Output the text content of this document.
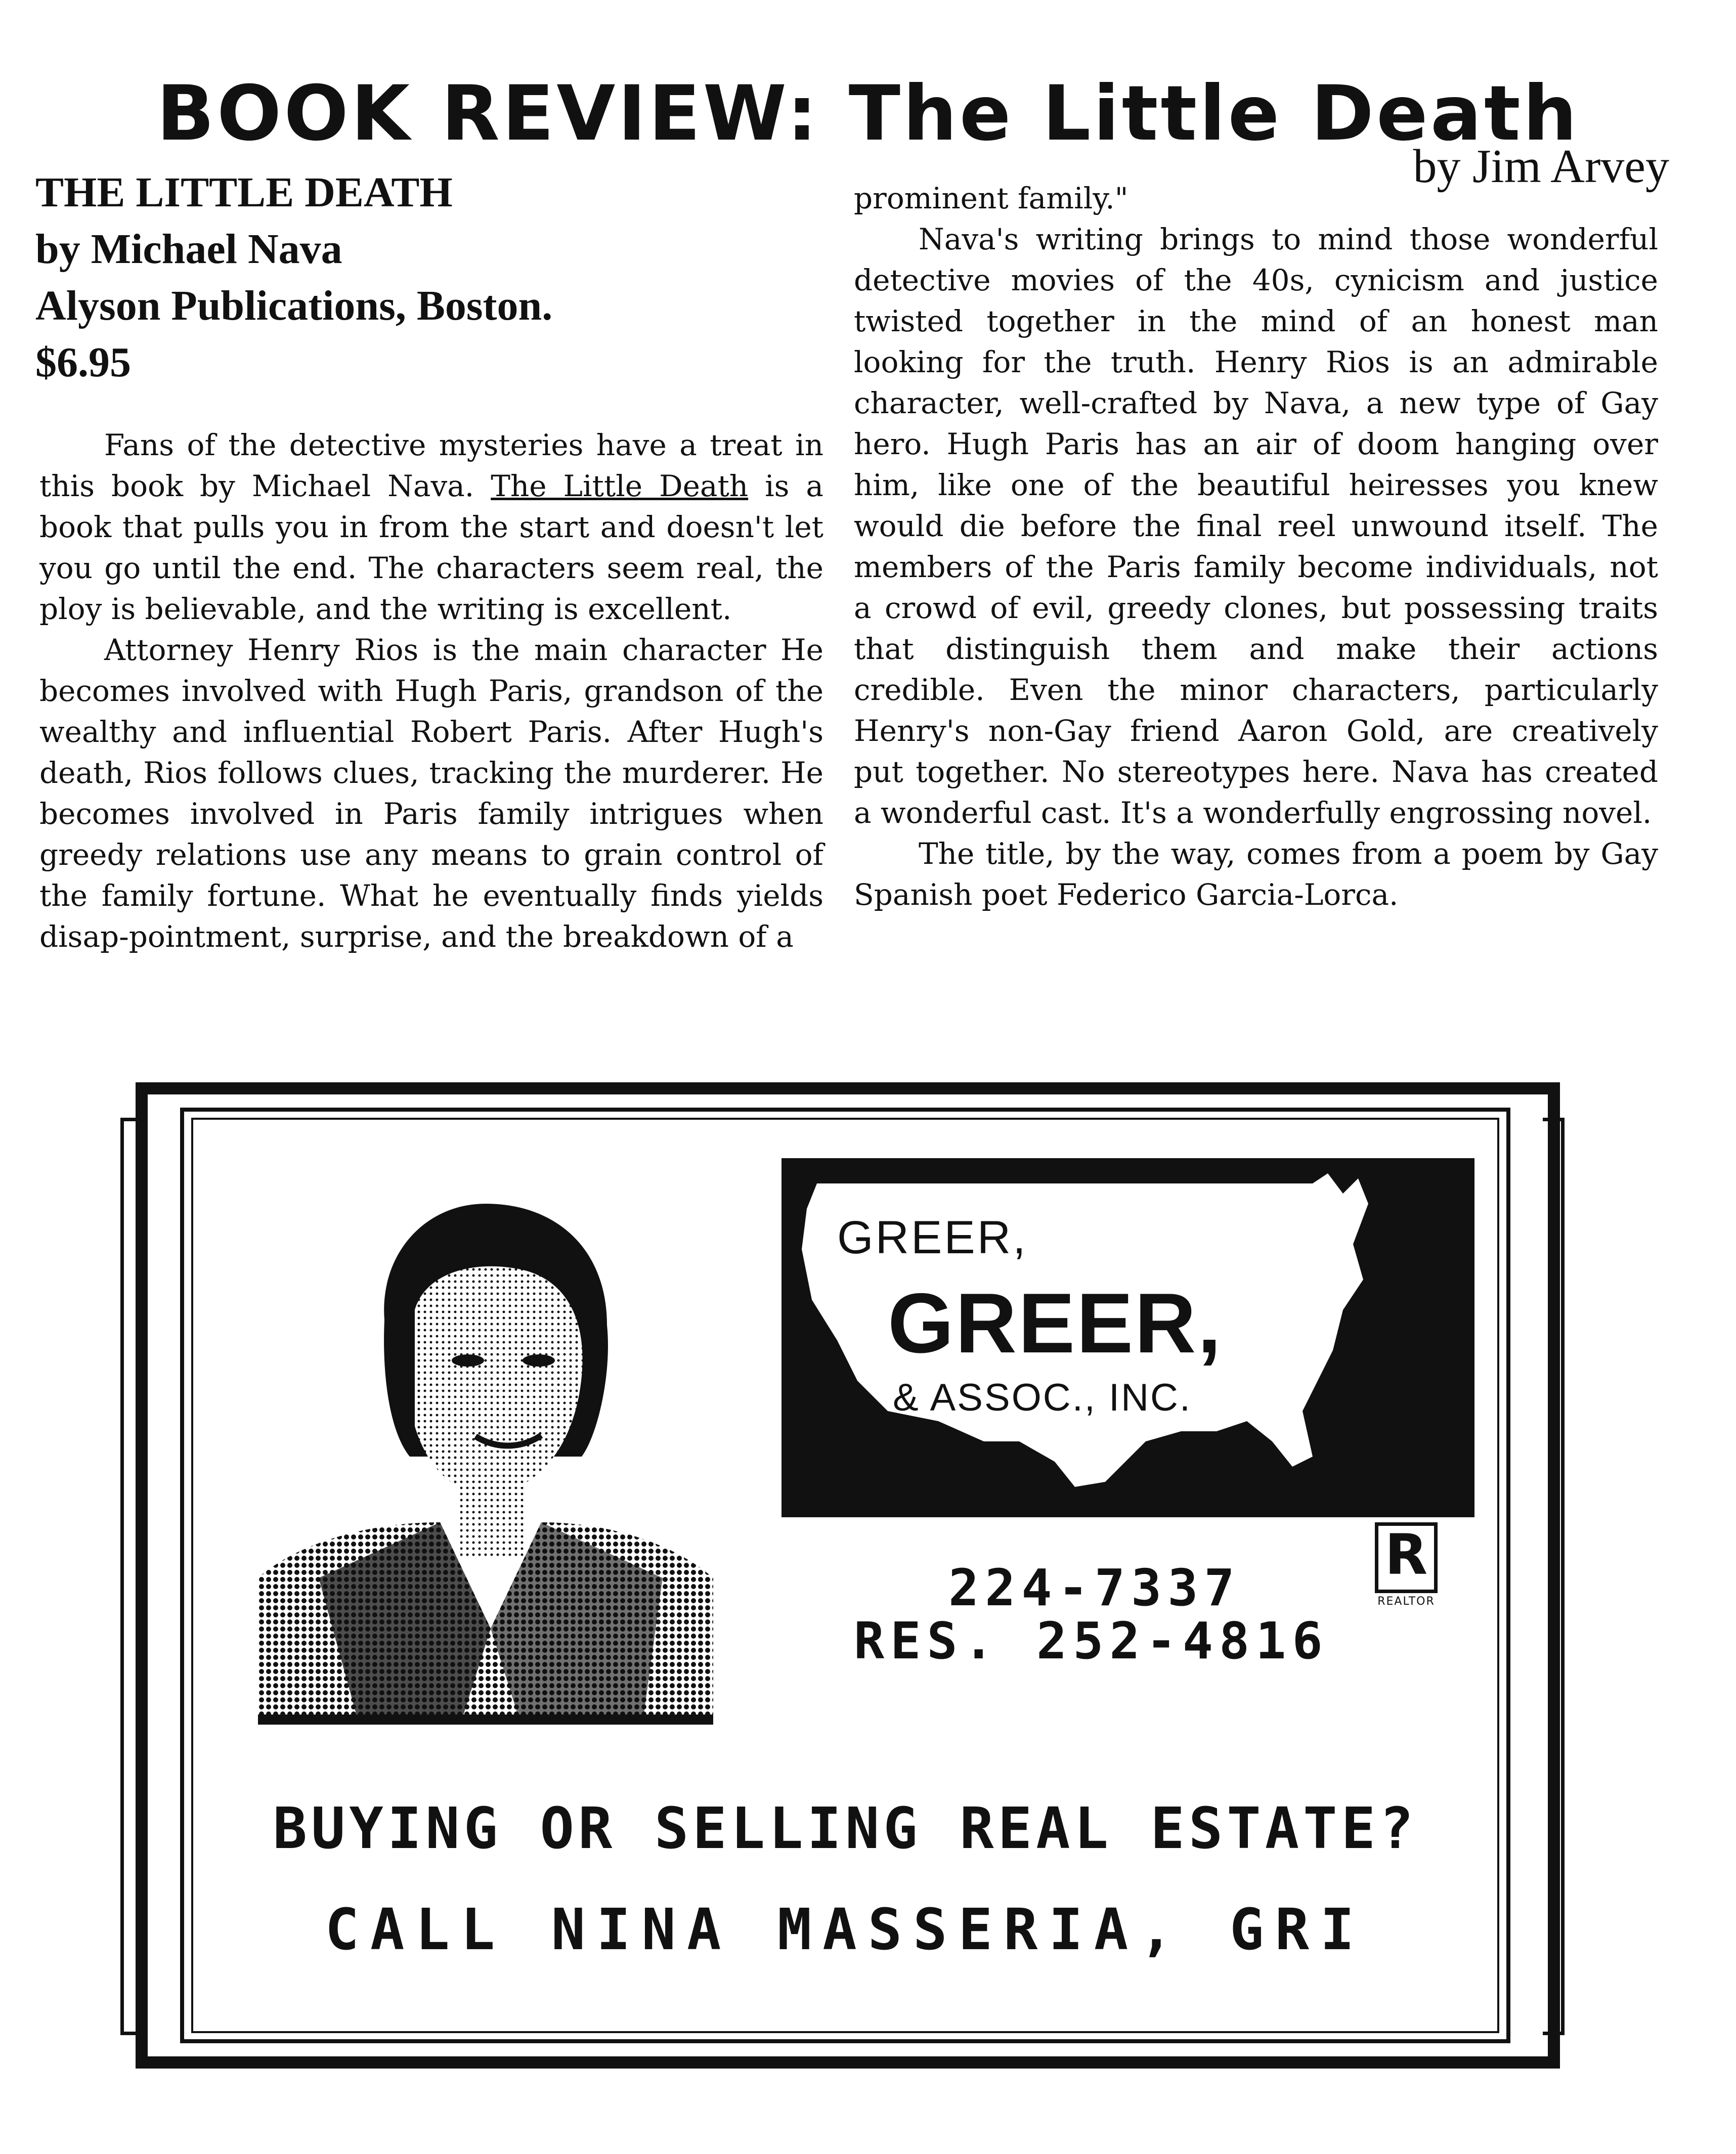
BOOK REVIEW: The Little Death
by Jim Arvey
THE LITTLE DEATH
by Michael Nava
Alyson Publications, Boston.
$6.95

Fans of the detective mysteries have a treat in this book by Michael Nava. The Little Death is a book that pulls you in from the start and doesn't let you go until the end. The characters seem real, the ploy is believable, and the writing is excellent.

Attorney Henry Rios is the main character He becomes involved with Hugh Paris, grandson of the wealthy and influential Robert Paris. After Hugh's death, Rios follows clues, tracking the murderer. He becomes involved in Paris family intrigues when greedy relations use any means to grain control of the family fortune. What he eventually finds yields disap-pointment, surprise, and the breakdown of a

prominent family."

Nava's writing brings to mind those wonderful detective movies of the 40s, cynicism and justice twisted together in the mind of an honest man looking for the truth. Henry Rios is an admirable character, well-crafted by Nava, a new type of Gay hero. Hugh Paris has an air of doom hanging over him, like one of the beautiful heiresses you knew would die before the final reel unwound itself. The members of the Paris family become individuals, not a crowd of evil, greedy clones, but possessing traits that distinguish them and make their actions credible. Even the minor characters, particularly Henry's non-Gay friend Aaron Gold, are creatively put together. No stereotypes here. Nava has created a wonderful cast. It's a wonderfully engrossing novel.

The title, by the way, comes from a poem by Gay Spanish poet Federico Garcia-Lorca.

GREER,
GREER,
& ASSOC., INC.
224-7337
RES. 252-4816
R
REALTOR
BUYING OR SELLING REAL ESTATE?
CALL NINA MASSERIA, GRI
